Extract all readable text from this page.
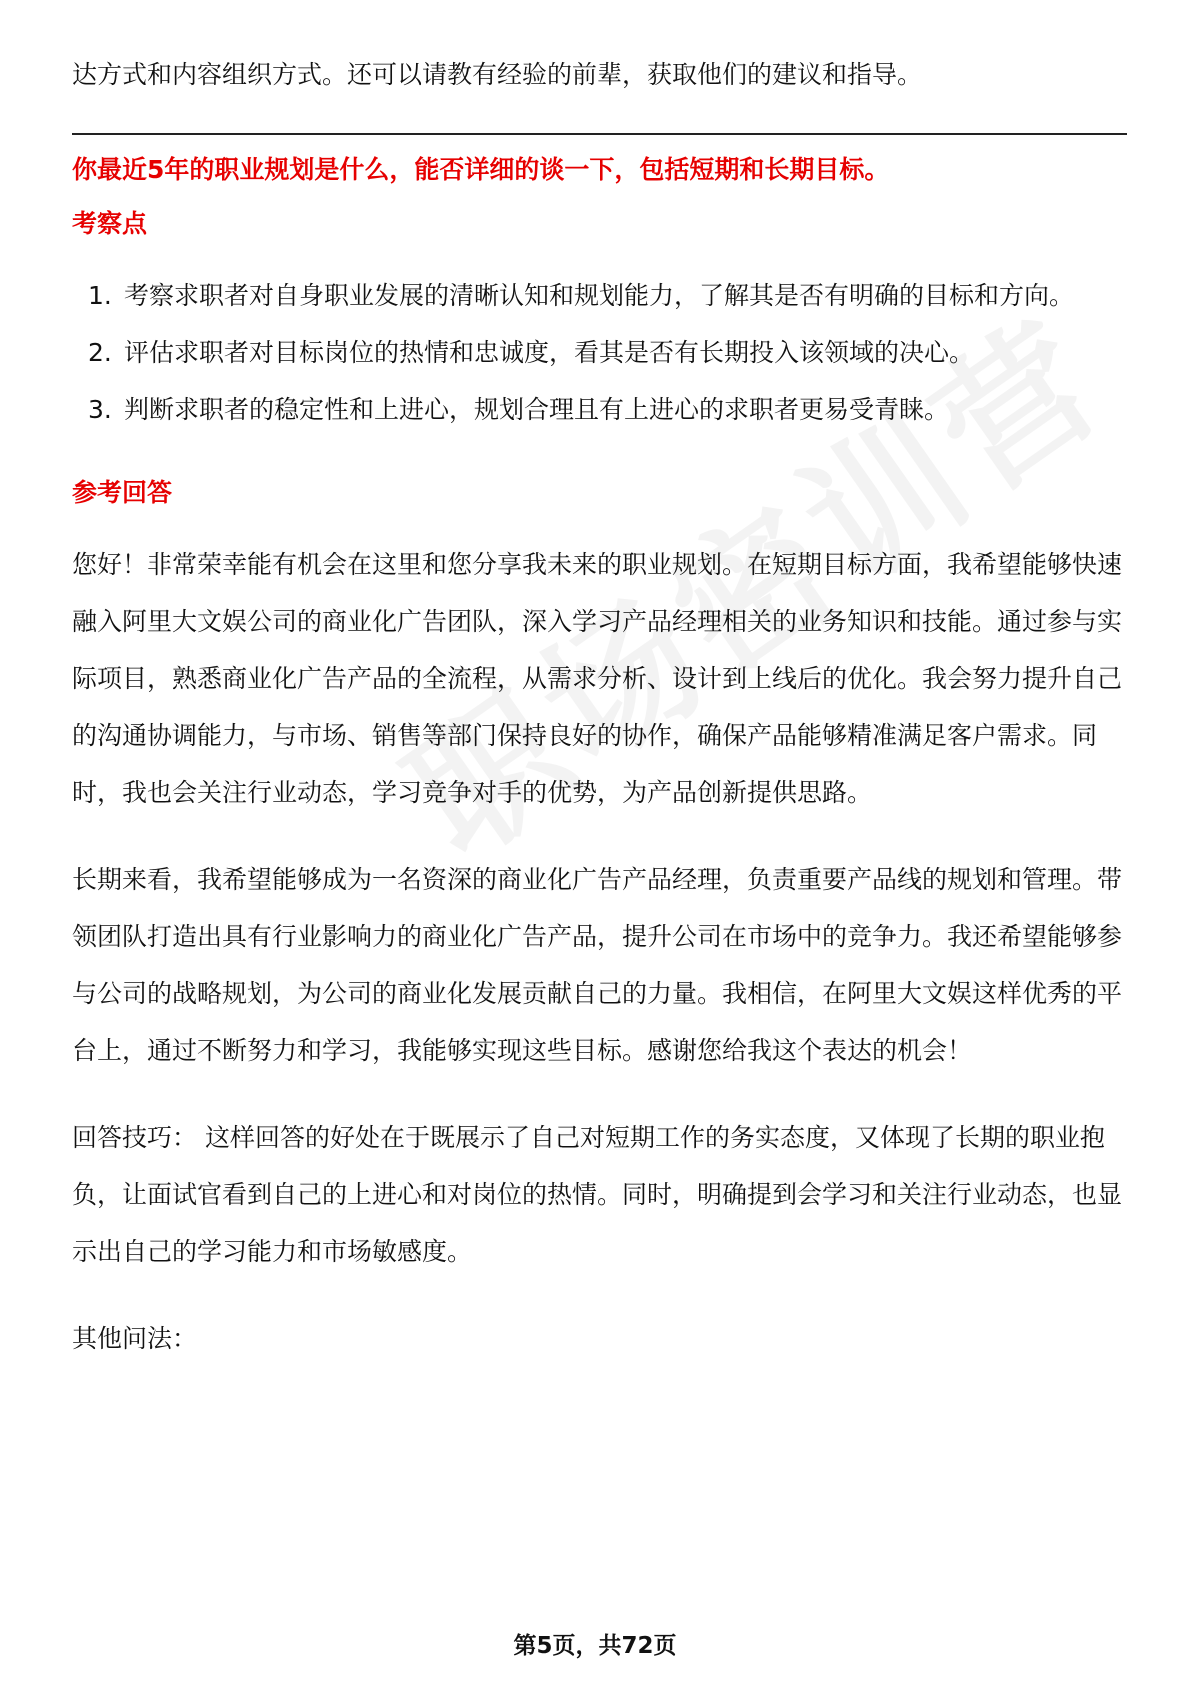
达方式和内容组织方式。还可以请教有经验的前辈，获取他们的建议和指导。

你最近5年的职业规划是什么，能否详细的谈一下，包括短期和长期目标。

考察点

1. 考察求职者对自身职业发展的清晰认知和规划能力，了解其是否有明确的目标和方向。
2. 评估求职者对目标岗位的热情和忠诚度，看其是否有长期投入该领域的决心。
3. 判断求职者的稳定性和上进心，规划合理且有上进心的求职者更易受青睐。

参考回答

您好！非常荣幸能有机会在这里和您分享我未来的职业规划。在短期目标方面，我希望能够快速融入阿里大文娱公司的商业化广告团队，深入学习产品经理相关的业务知识和技能。通过参与实际项目，熟悉商业化广告产品的全流程，从需求分析、设计到上线后的优化。我会努力提升自己的沟通协调能力，与市场、销售等部门保持良好的协作，确保产品能够精准满足客户需求。同时，我也会关注行业动态，学习竞争对手的优势，为产品创新提供思路。

长期来看，我希望能够成为一名资深的商业化广告产品经理，负责重要产品线的规划和管理。带领团队打造出具有行业影响力的商业化广告产品，提升公司在市场中的竞争力。我还希望能够参与公司的战略规划，为公司的商业化发展贡献自己的力量。我相信，在阿里大文娱这样优秀的平台上，通过不断努力和学习，我能够实现这些目标。感谢您给我这个表达的机会！

回答技巧： 这样回答的好处在于既展示了自己对短期工作的务实态度，又体现了长期的职业抱负，让面试官看到自己的上进心和对岗位的热情。同时，明确提到会学习和关注行业动态，也显示出自己的学习能力和市场敏感度。

其他问法：

第5页，共72页
